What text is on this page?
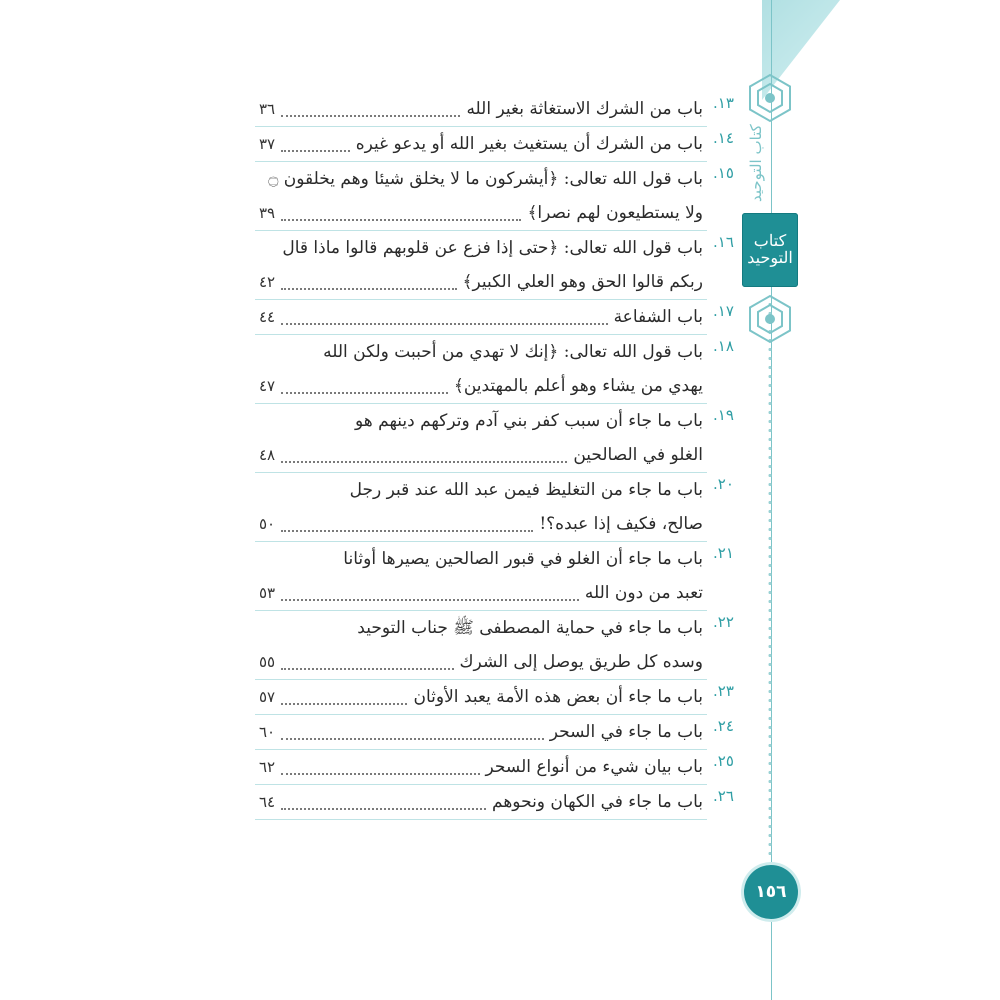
كتاب التوحيد
كتاب التوحيد
١٥٦
١٣.
باب من الشرك الاستغاثة بغير الله
٣٦
١٤.
باب من الشرك أن يستغيث بغير الله أو يدعو غيره
٣٧
١٥.
باب قول الله تعالى: ﴿أيشركون ما لا يخلق شيئا وهم يخلقون ۝
ولا يستطيعون لهم نصرا﴾
٣٩
١٦.
باب قول الله تعالى: ﴿حتى إذا فزع عن قلوبهم قالوا ماذا قال
ربكم قالوا الحق وهو العلي الكبير﴾
٤٢
١٧.
باب الشفاعة
٤٤
١٨.
باب قول الله تعالى: ﴿إنك لا تهدي من أحببت ولكن الله
يهدي من يشاء وهو أعلم بالمهتدين﴾
٤٧
١٩.
باب ما جاء أن سبب كفر بني آدم وتركهم دينهم هو
الغلو في الصالحين
٤٨
٢٠.
باب ما جاء من التغليظ فيمن عبد الله عند قبر رجل
صالح، فكيف إذا عبده؟!
٥٠
٢١.
باب ما جاء أن الغلو في قبور الصالحين يصيرها أوثانا
تعبد من دون الله
٥٣
٢٢.
باب ما جاء في حماية المصطفى ﷺ جناب التوحيد
وسده كل طريق يوصل إلى الشرك
٥٥
٢٣.
باب ما جاء أن بعض هذه الأمة يعبد الأوثان
٥٧
٢٤.
باب ما جاء في السحر
٦٠
٢٥.
باب بيان شيء من أنواع السحر
٦٢
٢٦.
باب ما جاء في الكهان ونحوهم
٦٤
